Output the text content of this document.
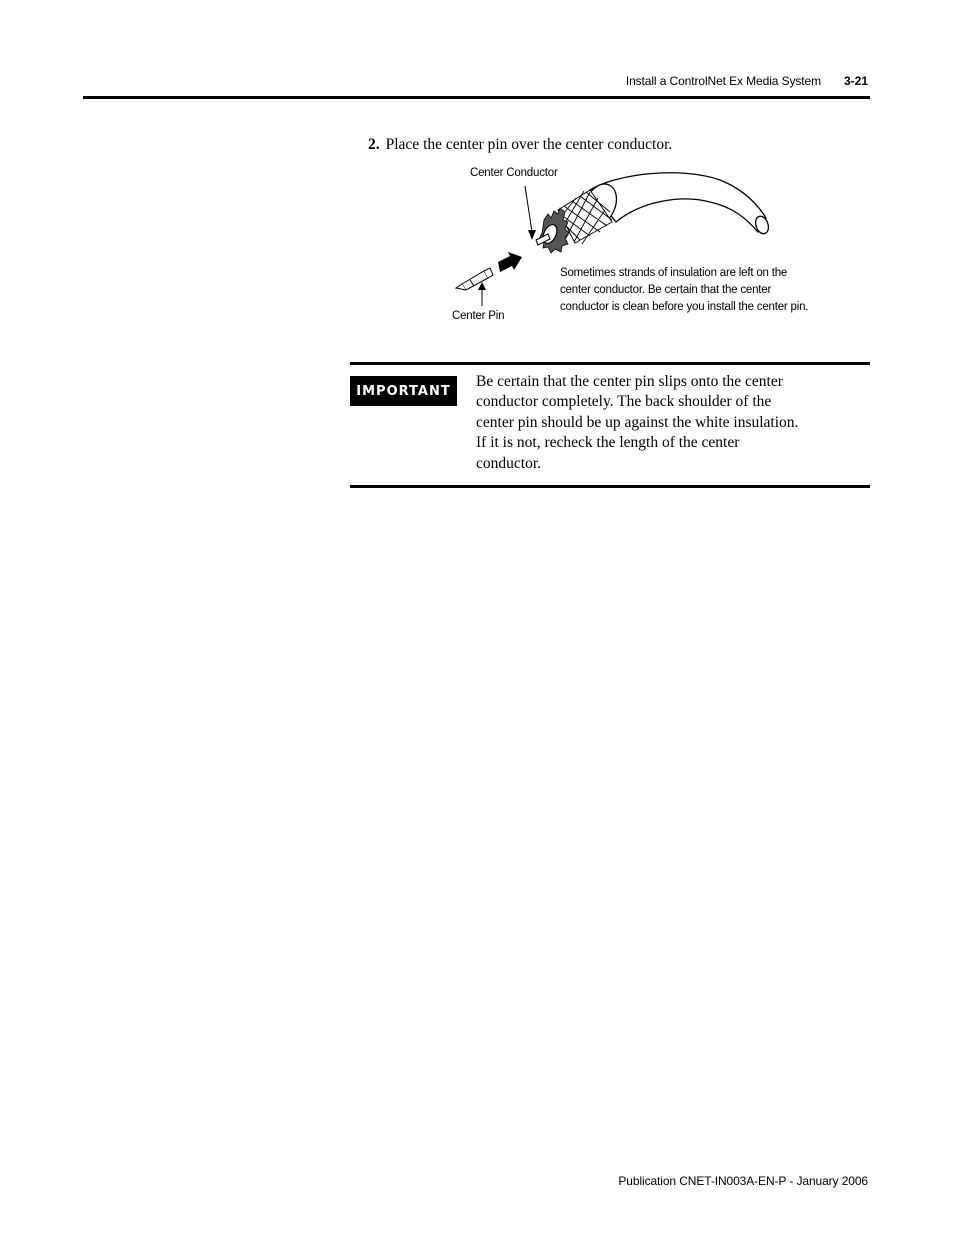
Install a ControlNet Ex Media System 3-21
2. Place the center pin over the center conductor.
Center Conductor
Center Pin
Sometimes strands of insulation are left on the
center conductor. Be certain that the center
conductor is clean before you install the center pin.
IMPORTANT
Be certain that the center pin slips onto the center
conductor completely. The back shoulder of the
center pin should be up against the white insulation.
If it is not, recheck the length of the center
conductor.
Publication CNET-IN003A-EN-P - January 2006
